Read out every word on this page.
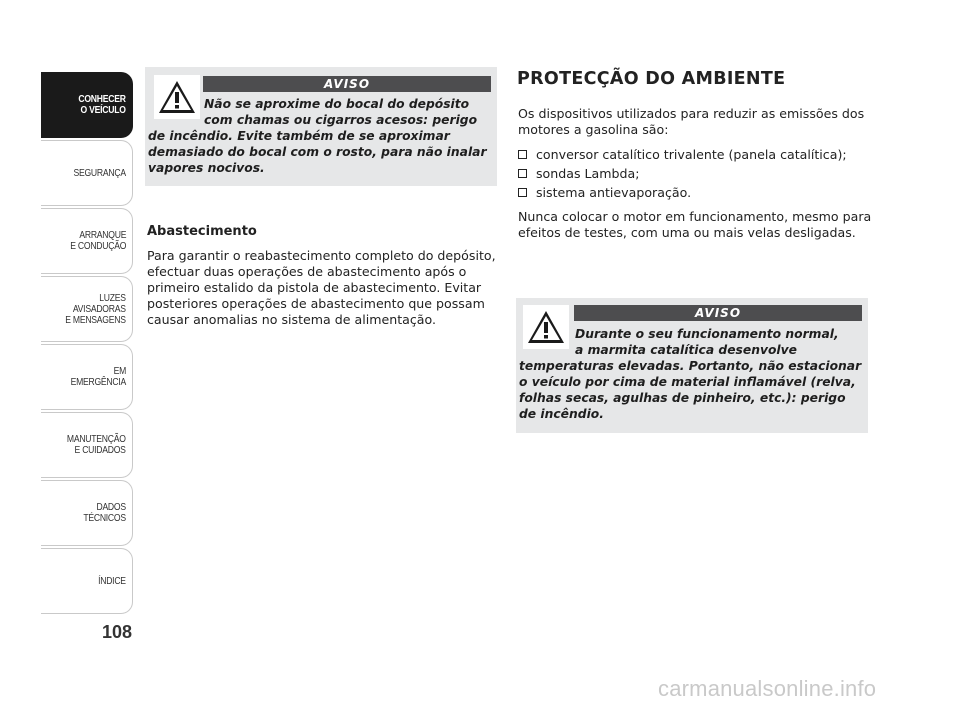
CONHECER
O VEÍCULO
SEGURANÇA
ARRANQUE
E CONDUÇÃO
LUZES
AVISADORAS
E MENSAGENS
EM EMERGÊNCIA
MANUTENÇÃO
E CUIDADOS
DADOS
TÉCNICOS
ÍNDICE
108
AVISO
Não se aproxime do bocal do depósito
com chamas ou cigarros acesos: perigo
de incêndio. Evite também de se aproximar demasiado do bocal com o rosto, para não inalar vapores nocivos.
Abastecimento

Para garantir o reabastecimento completo do depósito, efectuar duas operações de abastecimento após o primeiro estalido da pistola de abastecimento. Evitar posteriores operações de abastecimento que possam causar anomalias no sistema de alimentação.

PROTECÇÃO DO AMBIENTE

Os dispositivos utilizados para reduzir as emissões dos motores a gasolina são:

conversor catalítico trivalente (panela catalítica);
sondas Lambda;
sistema antievaporação.

Nunca colocar o motor em funcionamento, mesmo para efeitos de testes, com uma ou mais velas desligadas.

AVISO
Durante o seu funcionamento normal,
a marmita catalítica desenvolve
temperaturas elevadas. Portanto, não estacionar o veículo por cima de material inflamável (relva, folhas secas, agulhas de pinheiro, etc.): perigo de incêndio.
carmanualsonline.info
